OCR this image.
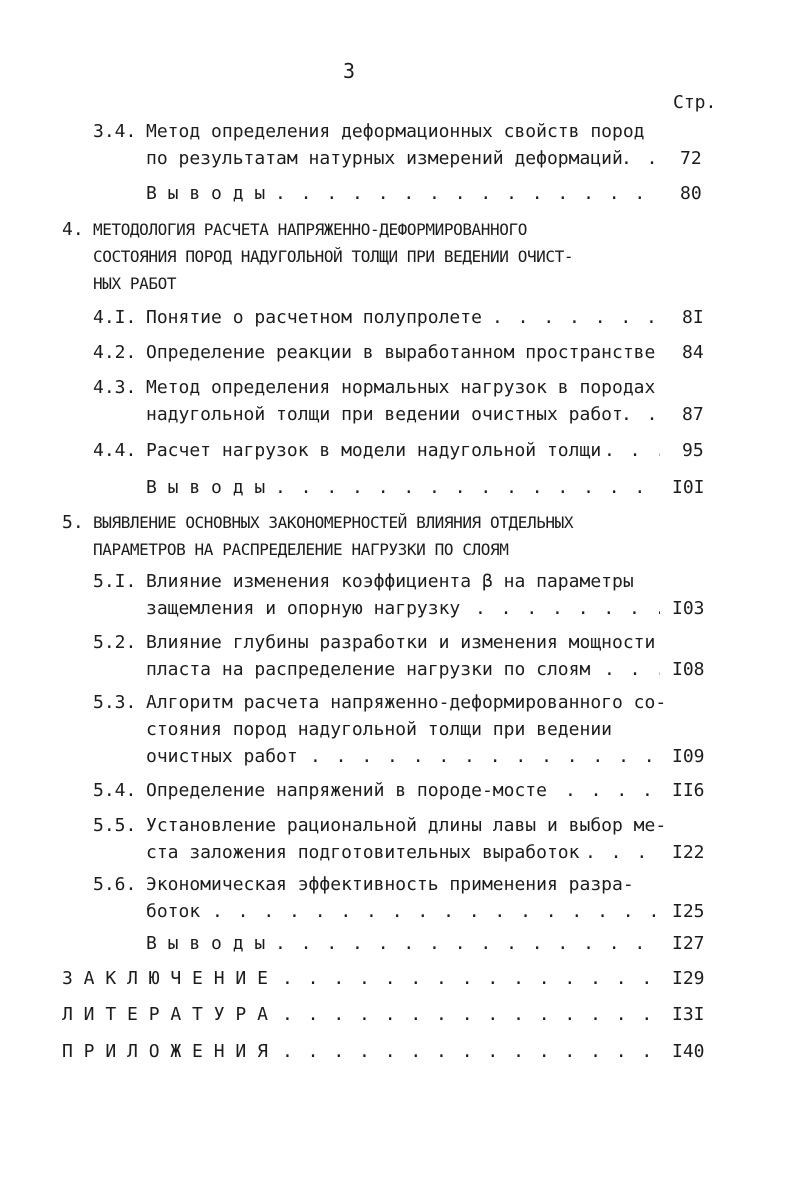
3
Стр.
3.4. Метод определения деформационных свойств пород
по результатам натурных измерений деформаций . . .	72
В ы в о д ы . . .	80
4. МЕТОДОЛОГИЯ РАСЧЕТА НАПРЯЖЕННО-ДЕФОРМИРОВАННОГО
СОСТОЯНИЯ ПОРОД НАДУГОЛЬНОЙ ТОЛЩИ ПРИ ВЕДЕНИИ ОЧИСТ-
НЫХ РАБОТ
4.I. Понятие о расчетном полупролете . . .	8I
4.2. Определение реакции в выработанном пространстве	84
4.3. Метод определения нормальных нагрузок в породах
надугольной толщи при ведении очистных работ . . .	87
4.4. Расчет нагрузок в модели надугольной толщи . . .	95
В ы в о д ы . . .	I0I
5. ВЫЯВЛЕНИЕ ОСНОВНЫХ ЗАКОНОМЕРНОСТЕЙ ВЛИЯНИЯ ОТДЕЛЬНЫХ
ПАРАМЕТРОВ НА РАСПРЕДЕЛЕНИЕ НАГРУЗКИ ПО СЛОЯМ
5.I. Влияние изменения коэффициента β на параметры
защемления и опорную нагрузку . . .	I03
5.2. Влияние глубины разработки и изменения мощности
пласта на распределение нагрузки по слоям . . .	I08
5.3. Алгоритм расчета напряженно-деформированного со-
стояния пород надугольной толщи при ведении
очистных работ . . .	I09
5.4. Определение напряжений в породе-мосте . . .	II6
5.5. Установление рациональной длины лавы и выбор ме-
ста заложения подготовительных выработок . . .	I22
5.6. Экономическая эффективность применения разра-
боток . . .	I25
В ы в о д ы . . .	I27
З А К Л Ю Ч Е Н И Е . . .	I29
Л И Т Е Р А Т У Р А . . .	I3I
П Р И Л О Ж Е Н И Я . . .	I40
